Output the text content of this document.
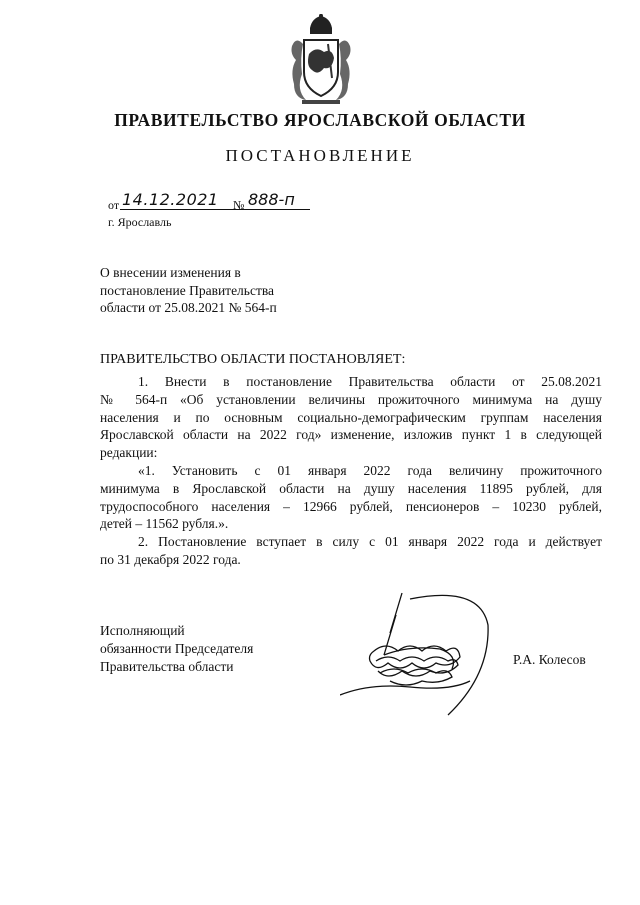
ПРАВИТЕЛЬСТВО ЯРОСЛАВСКОЙ ОБЛАСТИ
ПОСТАНОВЛЕНИЕ
от 14.12.2021 № 888-п
г. Ярославль
О внесении изменения в
постановление Правительства
области от 25.08.2021 № 564-п
ПРАВИТЕЛЬСТВО ОБЛАСТИ ПОСТАНОВЛЯЕТ:
1. Внести в постановление Правительства области от 25.08.2021
№ 564-п «Об установлении величины прожиточного минимума на душу
населения и по основным социально-демографическим группам населения
Ярославской области на 2022 год» изменение, изложив пункт 1 в следующей
редакции:
«1. Установить с 01 января 2022 года величину прожиточного
минимума в Ярославской области на душу населения 11895 рублей, для
трудоспособного населения – 12966 рублей, пенсионеров – 10230 рублей,
детей – 11562 рубля.».
2. Постановление вступает в силу с 01 января 2022 года и действует
по 31 декабря 2022 года.
Исполняющий
обязанности Председателя
Правительства области	Р.А. Колесов
